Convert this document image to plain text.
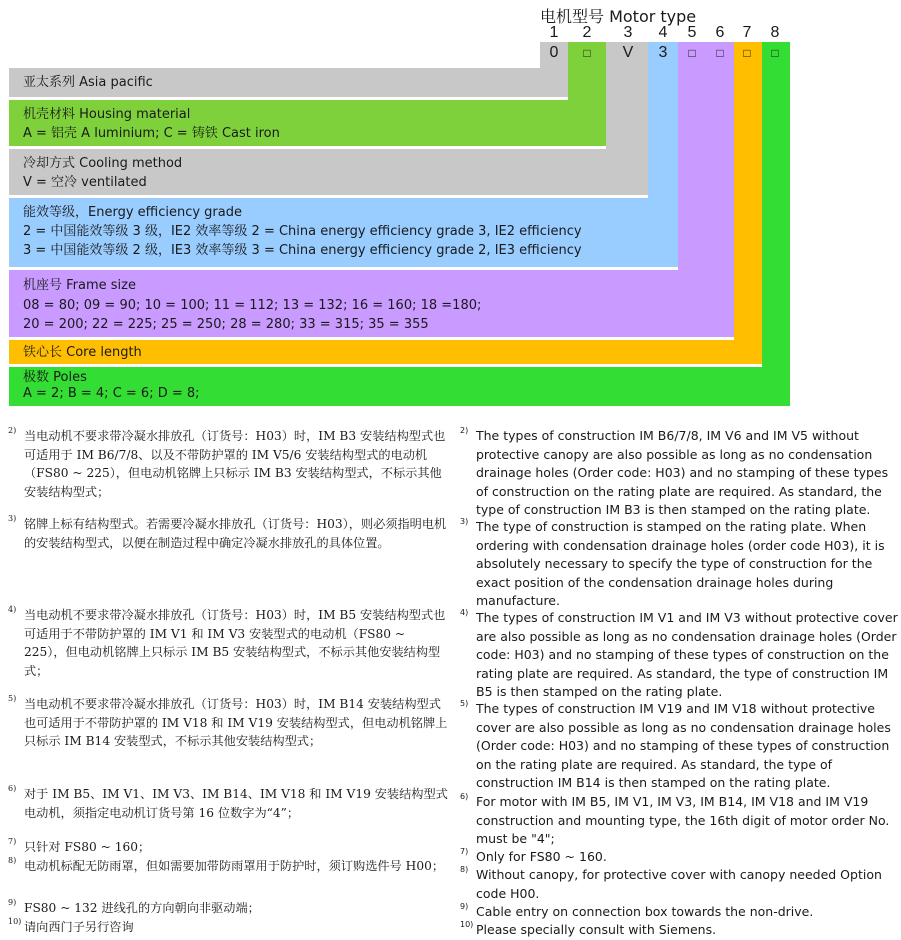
电机型号 Motor type
1	2	3	4	5	6	7	8
0	□	V	3	□	□	□	□
亚太系列 Asia pacific
机壳材料 Housing material
A = 铝壳 A luminium; C = 铸铁 Cast iron
冷却方式 Cooling method
V = 空冷 ventilated
能效等级，Energy efficiency grade
2 = 中国能效等级 3 级，IE2 效率等级 2 = China energy efficiency grade 3, IE2 efficiency
3 = 中国能效等级 2 级，IE3 效率等级 3 = China energy efficiency grade 2, IE3 efficiency
机座号 Frame size
08 = 80; 09 = 90; 10 = 100; 11 = 112; 13 = 132; 16 = 160; 18 =180;
20 = 200; 22 = 225; 25 = 250; 28 = 280; 33 = 315; 35 = 355
铁心长 Core length
极数 Poles
A = 2; B = 4; C = 6; D = 8;
2) 当电动机不要求带冷凝水排放孔（订货号：H03）时，IM B3 安装结构型式也可适用于 IM B6/7/8、以及不带防护罩的 IM V5/6 安装结构型式的电动机（FS80 ~ 225），但电动机铭牌上只标示 IM B3 安装结构型式，不标示其他安装结构型式；
3) 铭牌上标有结构型式。若需要冷凝水排放孔（订货号：H03），则必须指明电机的安装结构型式，以便在制造过程中确定冷凝水排放孔的具体位置。
4) 当电动机不要求带冷凝水排放孔（订货号：H03）时，IM B5 安装结构型式也可适用于不带防护罩的 IM V1 和 IM V3 安装型式的电动机（FS80 ~ 225），但电动机铭牌上只标示 IM B5 安装结构型式，不标示其他安装结构型式；
5) 当电动机不要求带冷凝水排放孔（订货号：H03）时，IM B14 安装结构型式也可适用于不带防护罩的 IM V18 和 IM V19 安装结构型式，但电动机铭牌上只标示 IM B14 安装型式，不标示其他安装结构型式；
6) 对于 IM B5、IM V1、IM V3、IM B14、IM V18 和 IM V19 安装结构型式电动机，须指定电动机订货号第 16 位数字为“4”；
7) 只针对 FS80 ~ 160；
8) 电动机标配无防雨罩，但如需要加带防雨罩用于防护时，须订购选件号 H00；
9) FS80 ~ 132 进线孔的方向朝向非驱动端；
10) 请向西门子另行咨询
2) The types of construction IM B6/7/8, IM V6 and IM V5 without protective canopy are also possible as long as no condensation drainage holes (Order code: H03) and no stamping of these types of construction on the rating plate are required. As standard, the type of construction IM B3 is then stamped on the rating plate.
3) The type of construction is stamped on the rating plate. When ordering with condensation drainage holes (order code H03), it is absolutely necessary to specify the type of construction for the exact position of the condensation drainage holes during manufacture.
4) The types of construction IM V1 and IM V3 without protective cover are also possible as long as no condensation drainage holes (Order code: H03) and no stamping of these types of construction on the rating plate are required. As standard, the type of construction IM B5 is then stamped on the rating plate.
5) The types of construction IM V19 and IM V18 without protective cover are also possible as long as no condensation drainage holes (Order code: H03) and no stamping of these types of construction on the rating plate are required. As standard, the type of construction IM B14 is then stamped on the rating plate.
6) For motor with IM B5, IM V1, IM V3, IM B14, IM V18 and IM V19 construction and mounting type, the 16th digit of motor order No. must be "4";
7) Only for FS80 ~ 160.
8) Without canopy, for protective cover with canopy needed Option code H00.
9) Cable entry on connection box towards the non-drive.
10) Please specially consult with Siemens.
